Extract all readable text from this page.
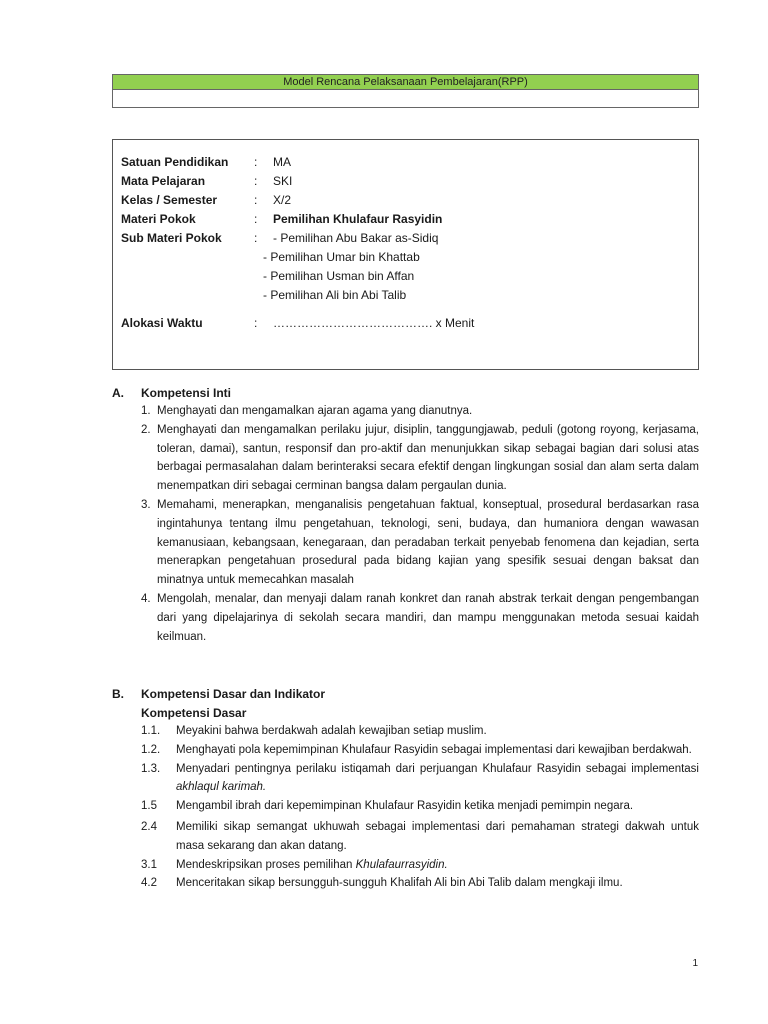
Model Rencana Pelaksanaan Pembelajaran(RPP)
Satuan Pendidikan	: MA
Mata Pelajaran	: SKI
Kelas / Semester	: X/2
Materi Pokok	: Pemilihan Khulafaur Rasyidin
Sub Materi Pokok	: - Pemilihan Abu Bakar as-Sidiq
- Pemilihan Umar bin Khattab
- Pemilihan Usman bin Affan
- Pemilihan Ali bin Abi Talib
Alokasi Waktu	: …………………………………. x Menit
A. Kompetensi Inti
1. Menghayati dan mengamalkan ajaran agama yang dianutnya.
2. Menghayati dan mengamalkan perilaku jujur, disiplin, tanggungjawab, peduli (gotong royong, kerjasama, toleran, damai), santun, responsif dan pro-aktif dan menunjukkan sikap sebagai bagian dari solusi atas berbagai permasalahan dalam berinteraksi secara efektif dengan lingkungan sosial dan alam serta dalam menempatkan diri sebagai cerminan bangsa dalam pergaulan dunia.
3. Memahami, menerapkan, menganalisis pengetahuan faktual, konseptual, prosedural berdasarkan rasa ingintahunya tentang ilmu pengetahuan, teknologi, seni, budaya, dan humaniora dengan wawasan kemanusiaan, kebangsaan, kenegaraan, dan peradaban terkait penyebab fenomena dan kejadian, serta menerapkan pengetahuan prosedural pada bidang kajian yang spesifik sesuai dengan baksat dan minatnya untuk memecahkan masalah
4. Mengolah, menalar, dan menyaji dalam ranah konkret dan ranah abstrak terkait dengan pengembangan dari yang dipelajarinya di sekolah secara mandiri, dan mampu menggunakan metoda sesuai kaidah keilmuan.
B. Kompetensi Dasar dan Indikator
Kompetensi Dasar
1.1. Meyakini bahwa berdakwah adalah kewajiban setiap muslim.
1.2. Menghayati pola kepemimpinan Khulafaur Rasyidin sebagai implementasi dari kewajiban berdakwah.
1.3. Menyadari pentingnya perilaku istiqamah dari perjuangan Khulafaur Rasyidin sebagai implementasi akhlaqul karimah.
1.5 Mengambil ibrah dari kepemimpinan Khulafaur Rasyidin ketika menjadi pemimpin negara.
2.4 Memiliki sikap semangat ukhuwah sebagai implementasi dari pemahaman strategi dakwah untuk masa sekarang dan akan datang.
3.1 Mendeskripsikan proses pemilihan Khulafaurrasyidin.
4.2 Menceritakan sikap bersungguh-sungguh Khalifah Ali bin Abi Talib dalam mengkaji ilmu.
1
